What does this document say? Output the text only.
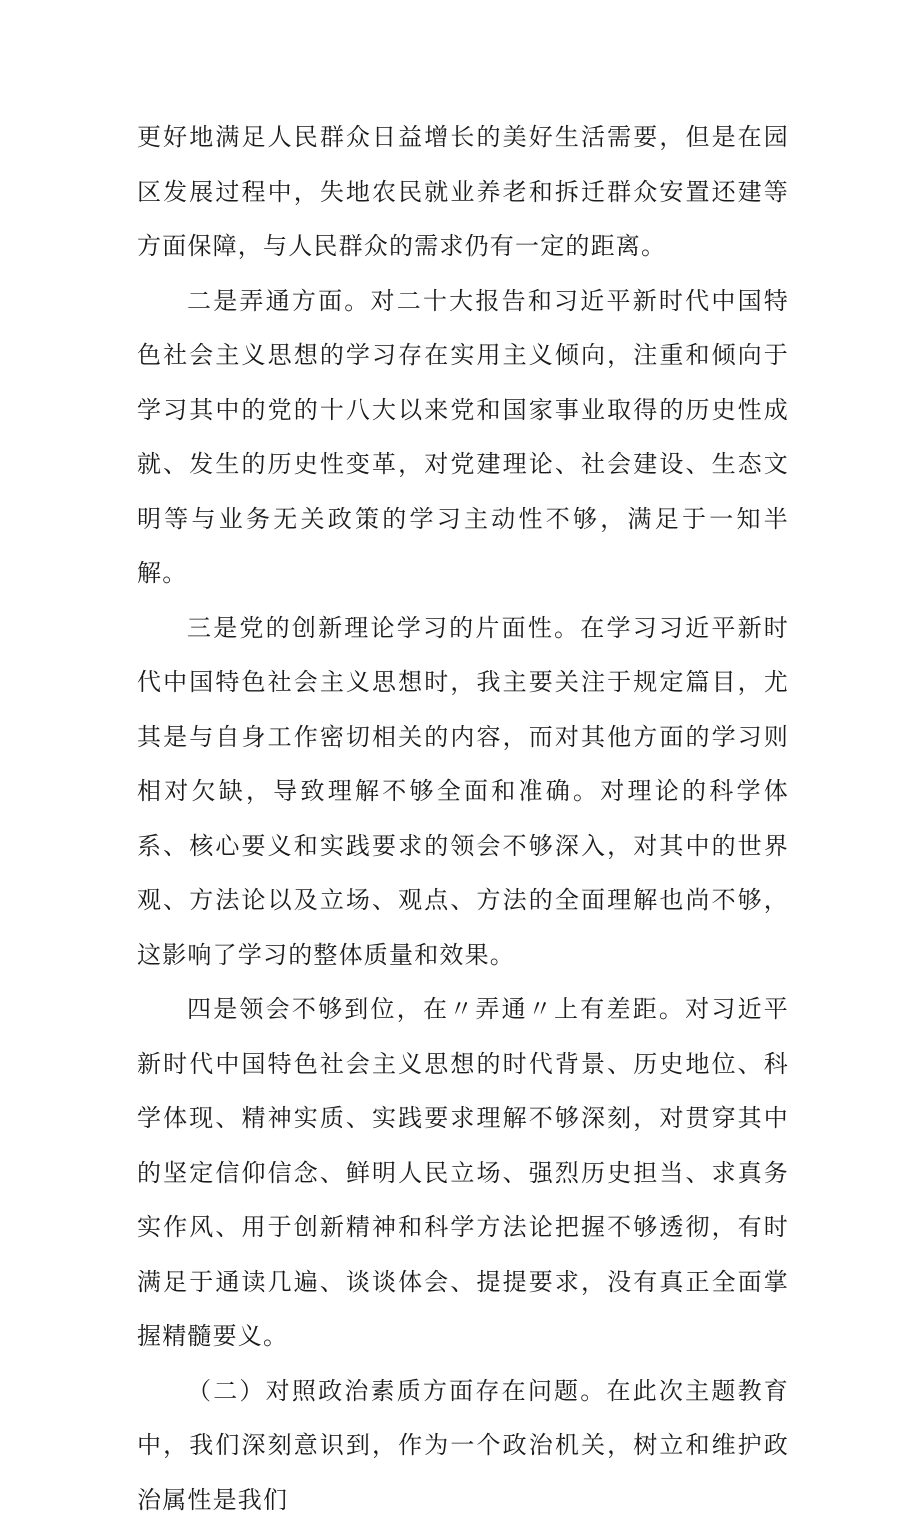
更好地满足人民群众日益增长的美好生活需要，但是在园区发展过程中，失地农民就业养老和拆迁群众安置还建等方面保障，与人民群众的需求仍有一定的距离。

二是弄通方面。对二十大报告和习近平新时代中国特色社会主义思想的学习存在实用主义倾向，注重和倾向于学习其中的党的十八大以来党和国家事业取得的历史性成就、发生的历史性变革，对党建理论、社会建设、生态文明等与业务无关政策的学习主动性不够，满足于一知半解。

三是党的创新理论学习的片面性。在学习习近平新时代中国特色社会主义思想时，我主要关注于规定篇目，尤其是与自身工作密切相关的内容，而对其他方面的学习则相对欠缺，导致理解不够全面和准确。对理论的科学体系、核心要义和实践要求的领会不够深入，对其中的世界观、方法论以及立场、观点、方法的全面理解也尚不够，这影响了学习的整体质量和效果。

四是领会不够到位，在〃弄通〃上有差距。对习近平新时代中国特色社会主义思想的时代背景、历史地位、科学体现、精神实质、实践要求理解不够深刻，对贯穿其中的坚定信仰信念、鲜明人民立场、强烈历史担当、求真务实作风、用于创新精神和科学方法论把握不够透彻，有时满足于通读几遍、谈谈体会、提提要求，没有真正全面掌握精髓要义。

（二）对照政治素质方面存在问题。在此次主题教育中，我们深刻意识到，作为一个政治机关，树立和维护政治属性是我们
